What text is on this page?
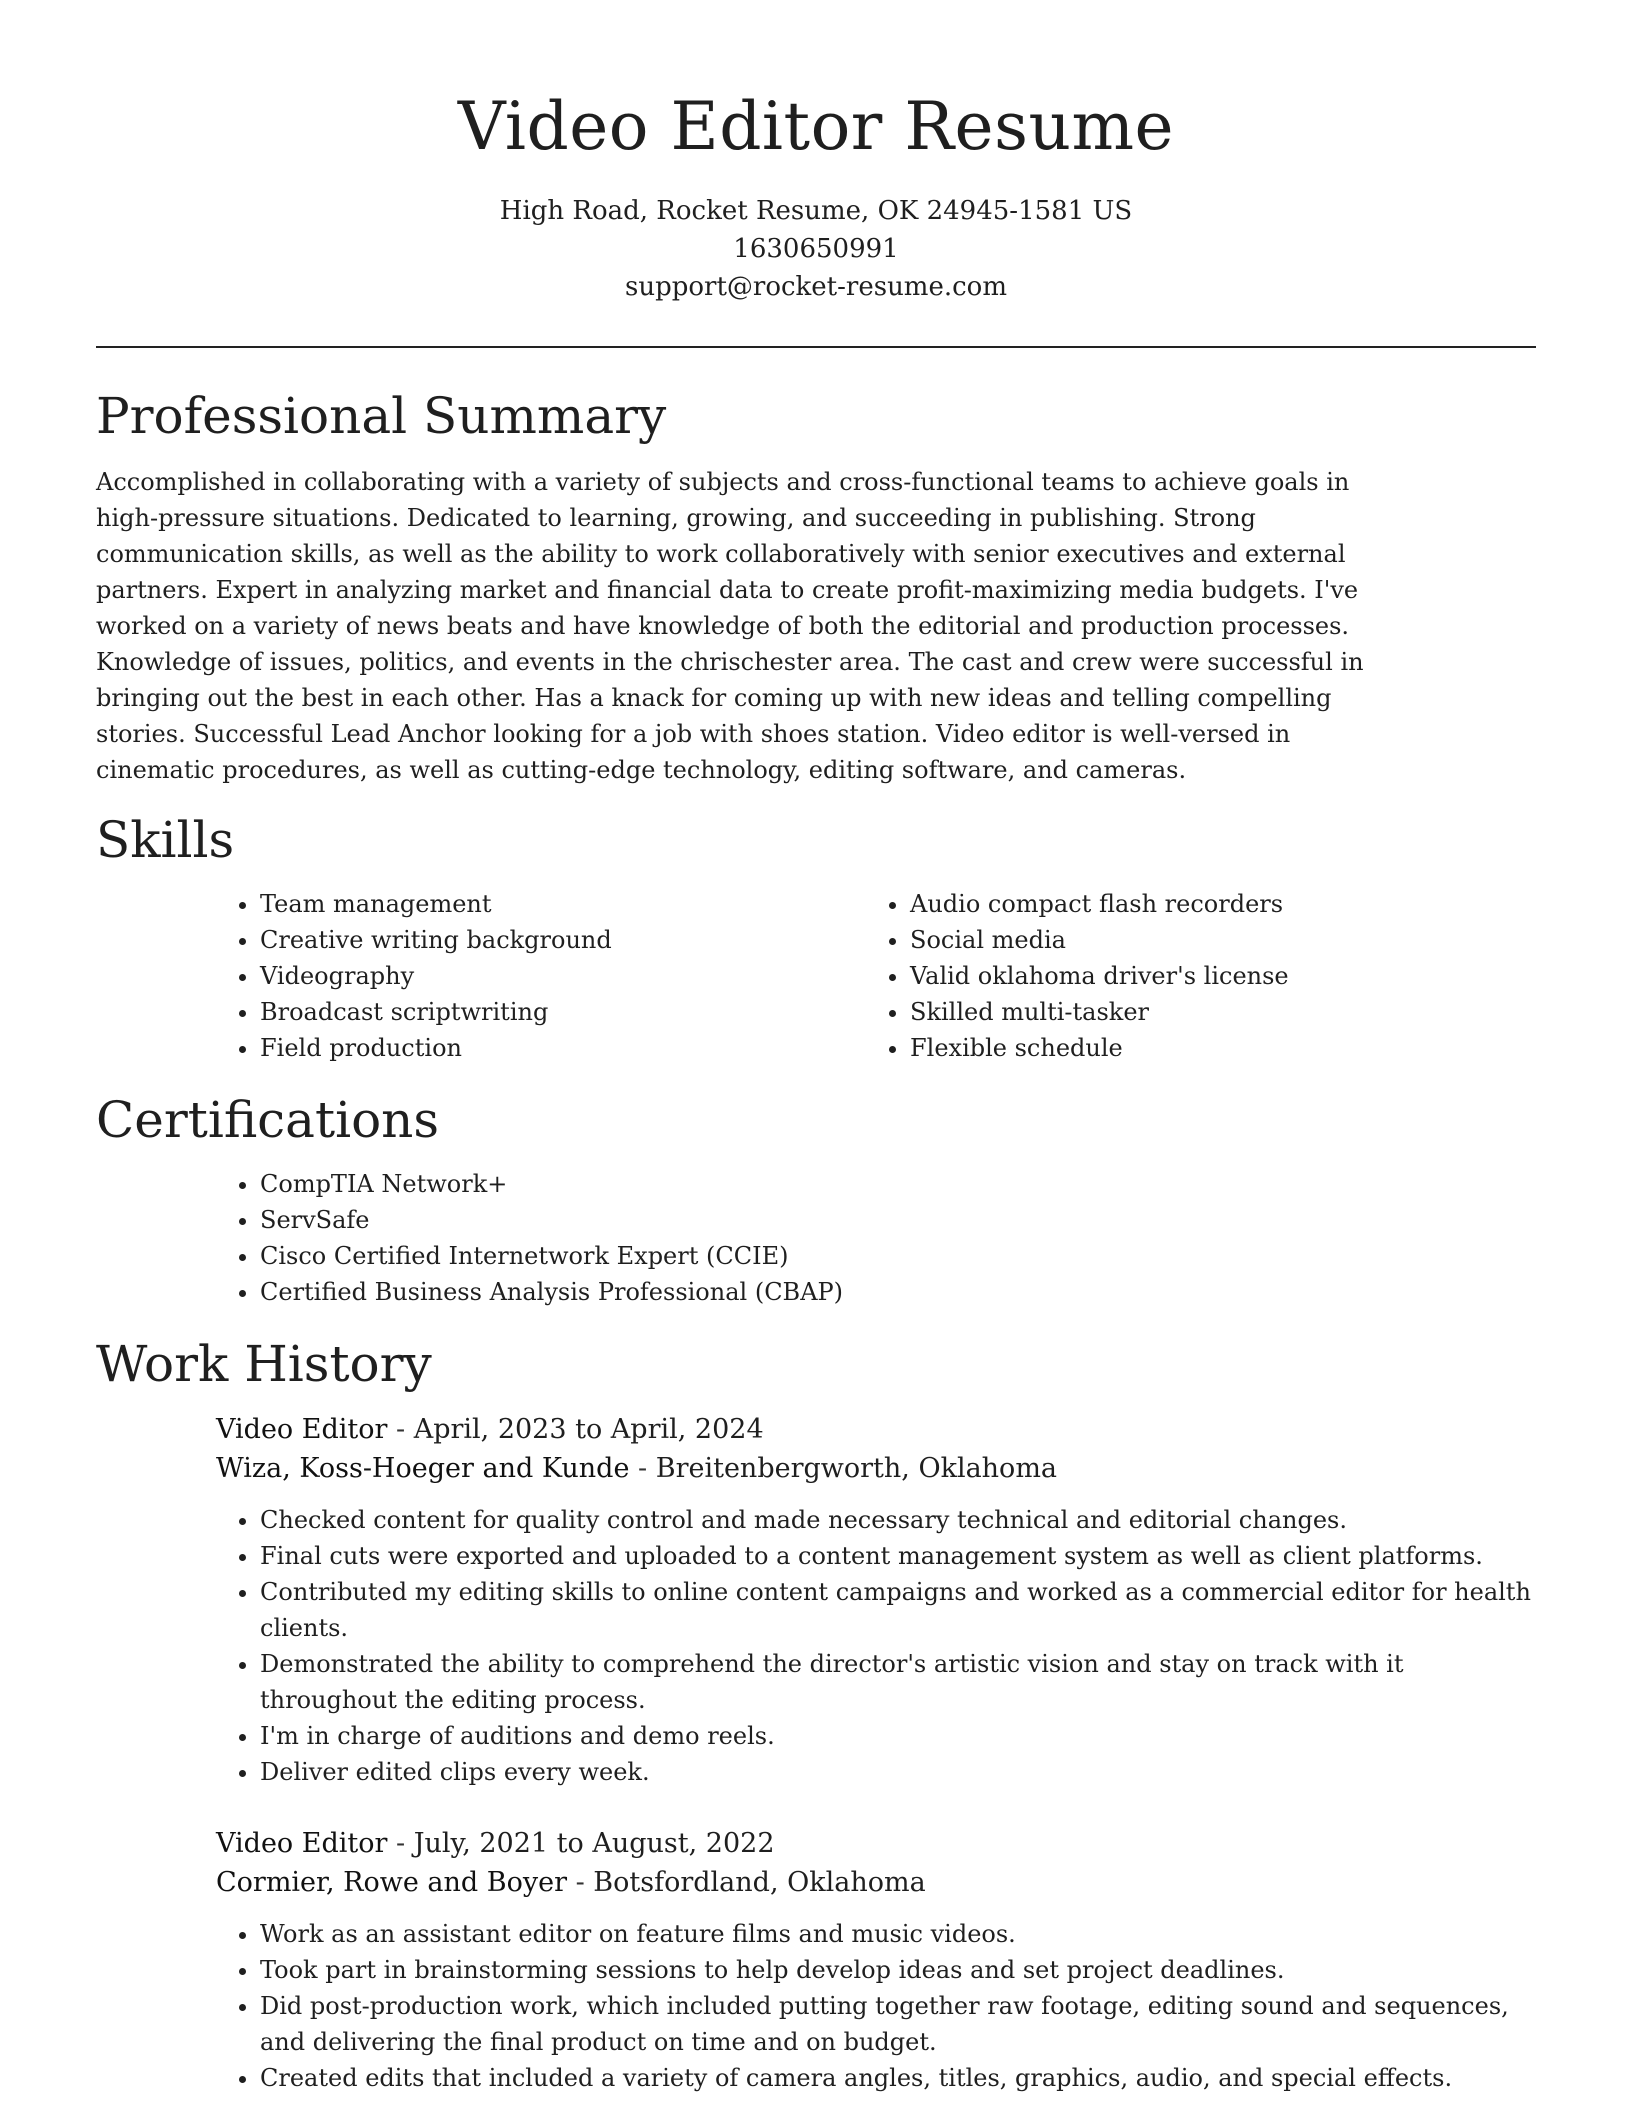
Video Editor Resume

High Road, Rocket Resume, OK 24945-1581 US

1630650991

support@rocket-resume.com

Professional Summary

Accomplished in collaborating with a variety of subjects and cross-functional teams to achieve goals in high-pressure situations. Dedicated to learning, growing, and succeeding in publishing. Strong communication skills, as well as the ability to work collaboratively with senior executives and external partners. Expert in analyzing market and financial data to create profit-maximizing media budgets. I've worked on a variety of news beats and have knowledge of both the editorial and production processes. Knowledge of issues, politics, and events in the chrischester area. The cast and crew were successful in bringing out the best in each other. Has a knack for coming up with new ideas and telling compelling stories. Successful Lead Anchor looking for a job with shoes station. Video editor is well-versed in cinematic procedures, as well as cutting-edge technology, editing software, and cameras.

Skills
• Team management
• Creative writing background
• Videography
• Broadcast scriptwriting
• Field production
• Audio compact flash recorders
• Social media
• Valid oklahoma driver's license
• Skilled multi-tasker
• Flexible schedule
Certifications
• CompTIA Network+
• ServSafe
• Cisco Certified Internetwork Expert (CCIE)
• Certified Business Analysis Professional (CBAP)
Work History

Video Editor - April, 2023 to April, 2024

Wiza, Koss-Hoeger and Kunde - Breitenbergworth, Oklahoma

• Checked content for quality control and made necessary technical and editorial changes.
• Final cuts were exported and uploaded to a content management system as well as client platforms.
• Contributed my editing skills to online content campaigns and worked as a commercial editor for health clients.
• Demonstrated the ability to comprehend the director's artistic vision and stay on track with it throughout the editing process.
• I'm in charge of auditions and demo reels.
• Deliver edited clips every week.

Video Editor - July, 2021 to August, 2022

Cormier, Rowe and Boyer - Botsfordland, Oklahoma

• Work as an assistant editor on feature films and music videos.
• Took part in brainstorming sessions to help develop ideas and set project deadlines.
• Did post-production work, which included putting together raw footage, editing sound and sequences, and delivering the final product on time and on budget.
• Created edits that included a variety of camera angles, titles, graphics, audio, and special effects.
